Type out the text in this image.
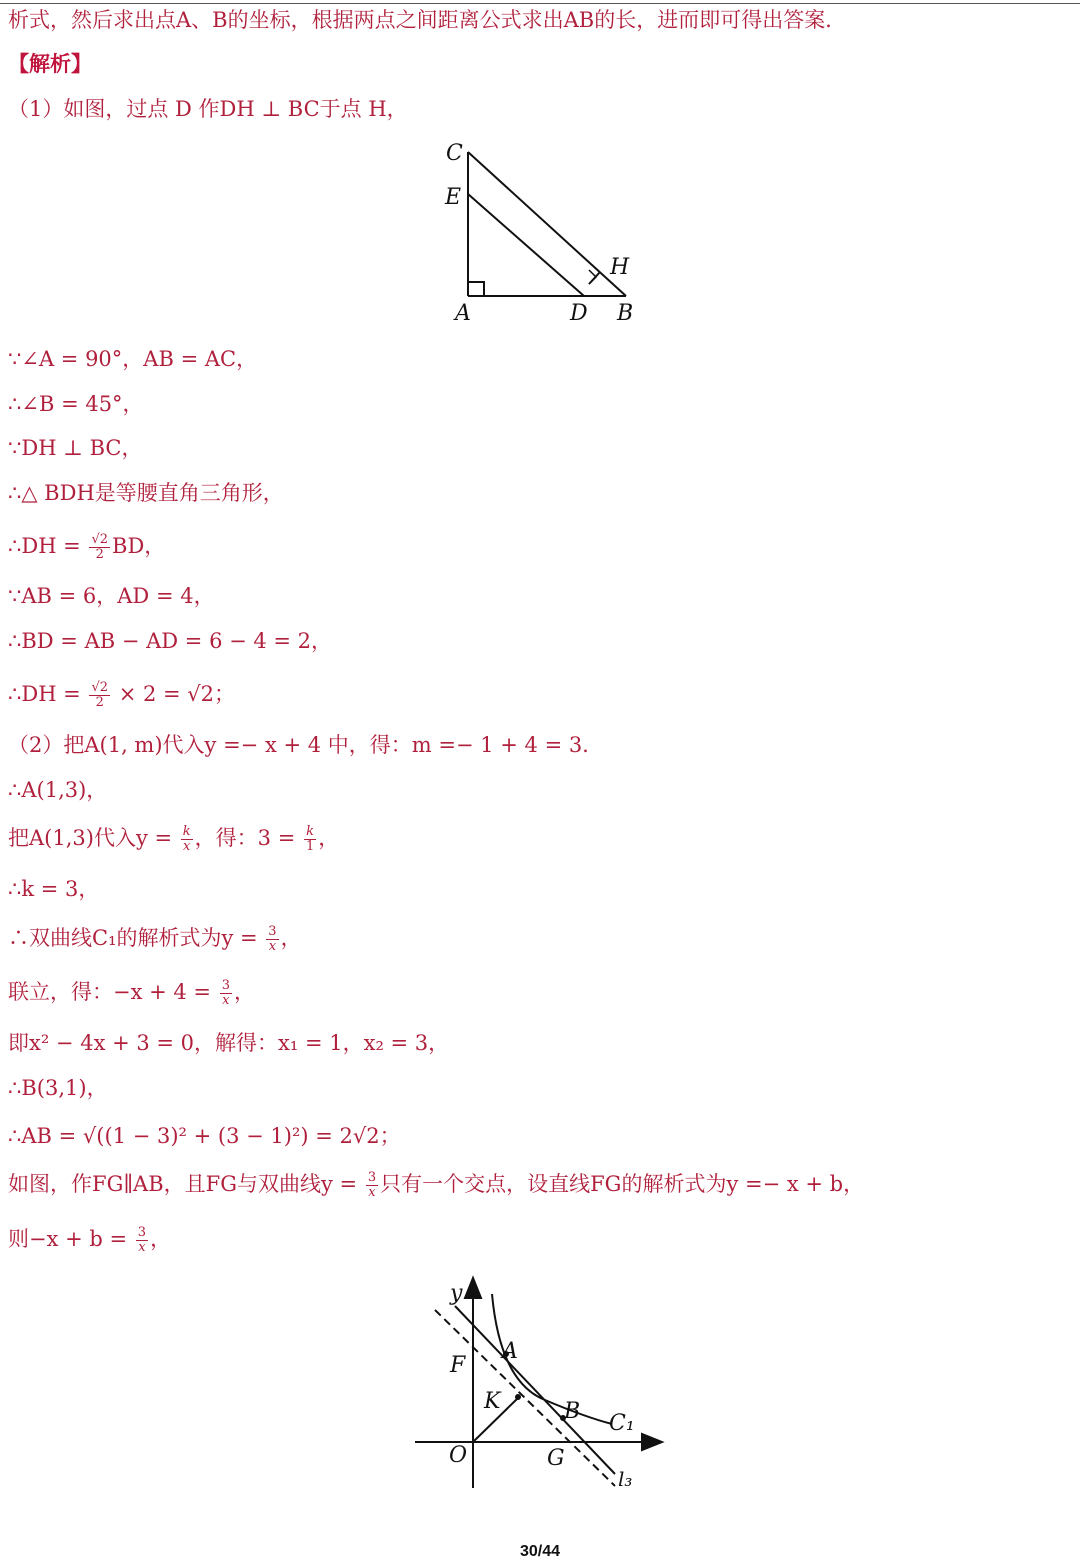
析式，然后求出点A、B的坐标，根据两点之间距离公式求出AB的长，进而即可得出答案．
【解析】
（1）如图，过点 D 作DH ⊥ BC于点 H，
C
E
H
A	D B
∵∠A = 90°，AB = AC，
∴∠B = 45°，
∵DH ⊥ BC，
∴△ BDH是等腰直角三角形，
∴DH = $\frac{√2}{2}$ BD，
∵AB = 6，AD = 4，
∴BD = AB − AD = 6 − 4 = 2，
∴DH = $\frac{√2}{2} \times 2 = √2$；
（2）把A(1, m)代入y =− x + 4 中，得：m =− 1 + 4 = 3．
∴A(1,3)，
把A(1,3)代入$y = \frac{k}{x}$ ，得：$3 = \frac{k}{1}$ ，
∴k = 3，
∴双曲线C₁的解析式为$y = \frac{3}{x}$ ，
联立，得：$-x + 4 = \frac{3}{x}$ ，
即x² − 4x + 3 = 0，解得：x₁ = 1，x₂ = 3，
∴B(3,1)，
∴AB = √((1 − 3)² + (3 − 1)²) = 2√2；
如图，作FG∥AB，且FG与双曲线$y = \frac{3}{x}$ 只有一个交点，设直线FG的解析式为y =− x + b，
则$-x + b = \frac{3}{x}$ ，
y
A
F
K	B C₁
O	G
l₃
30/44
